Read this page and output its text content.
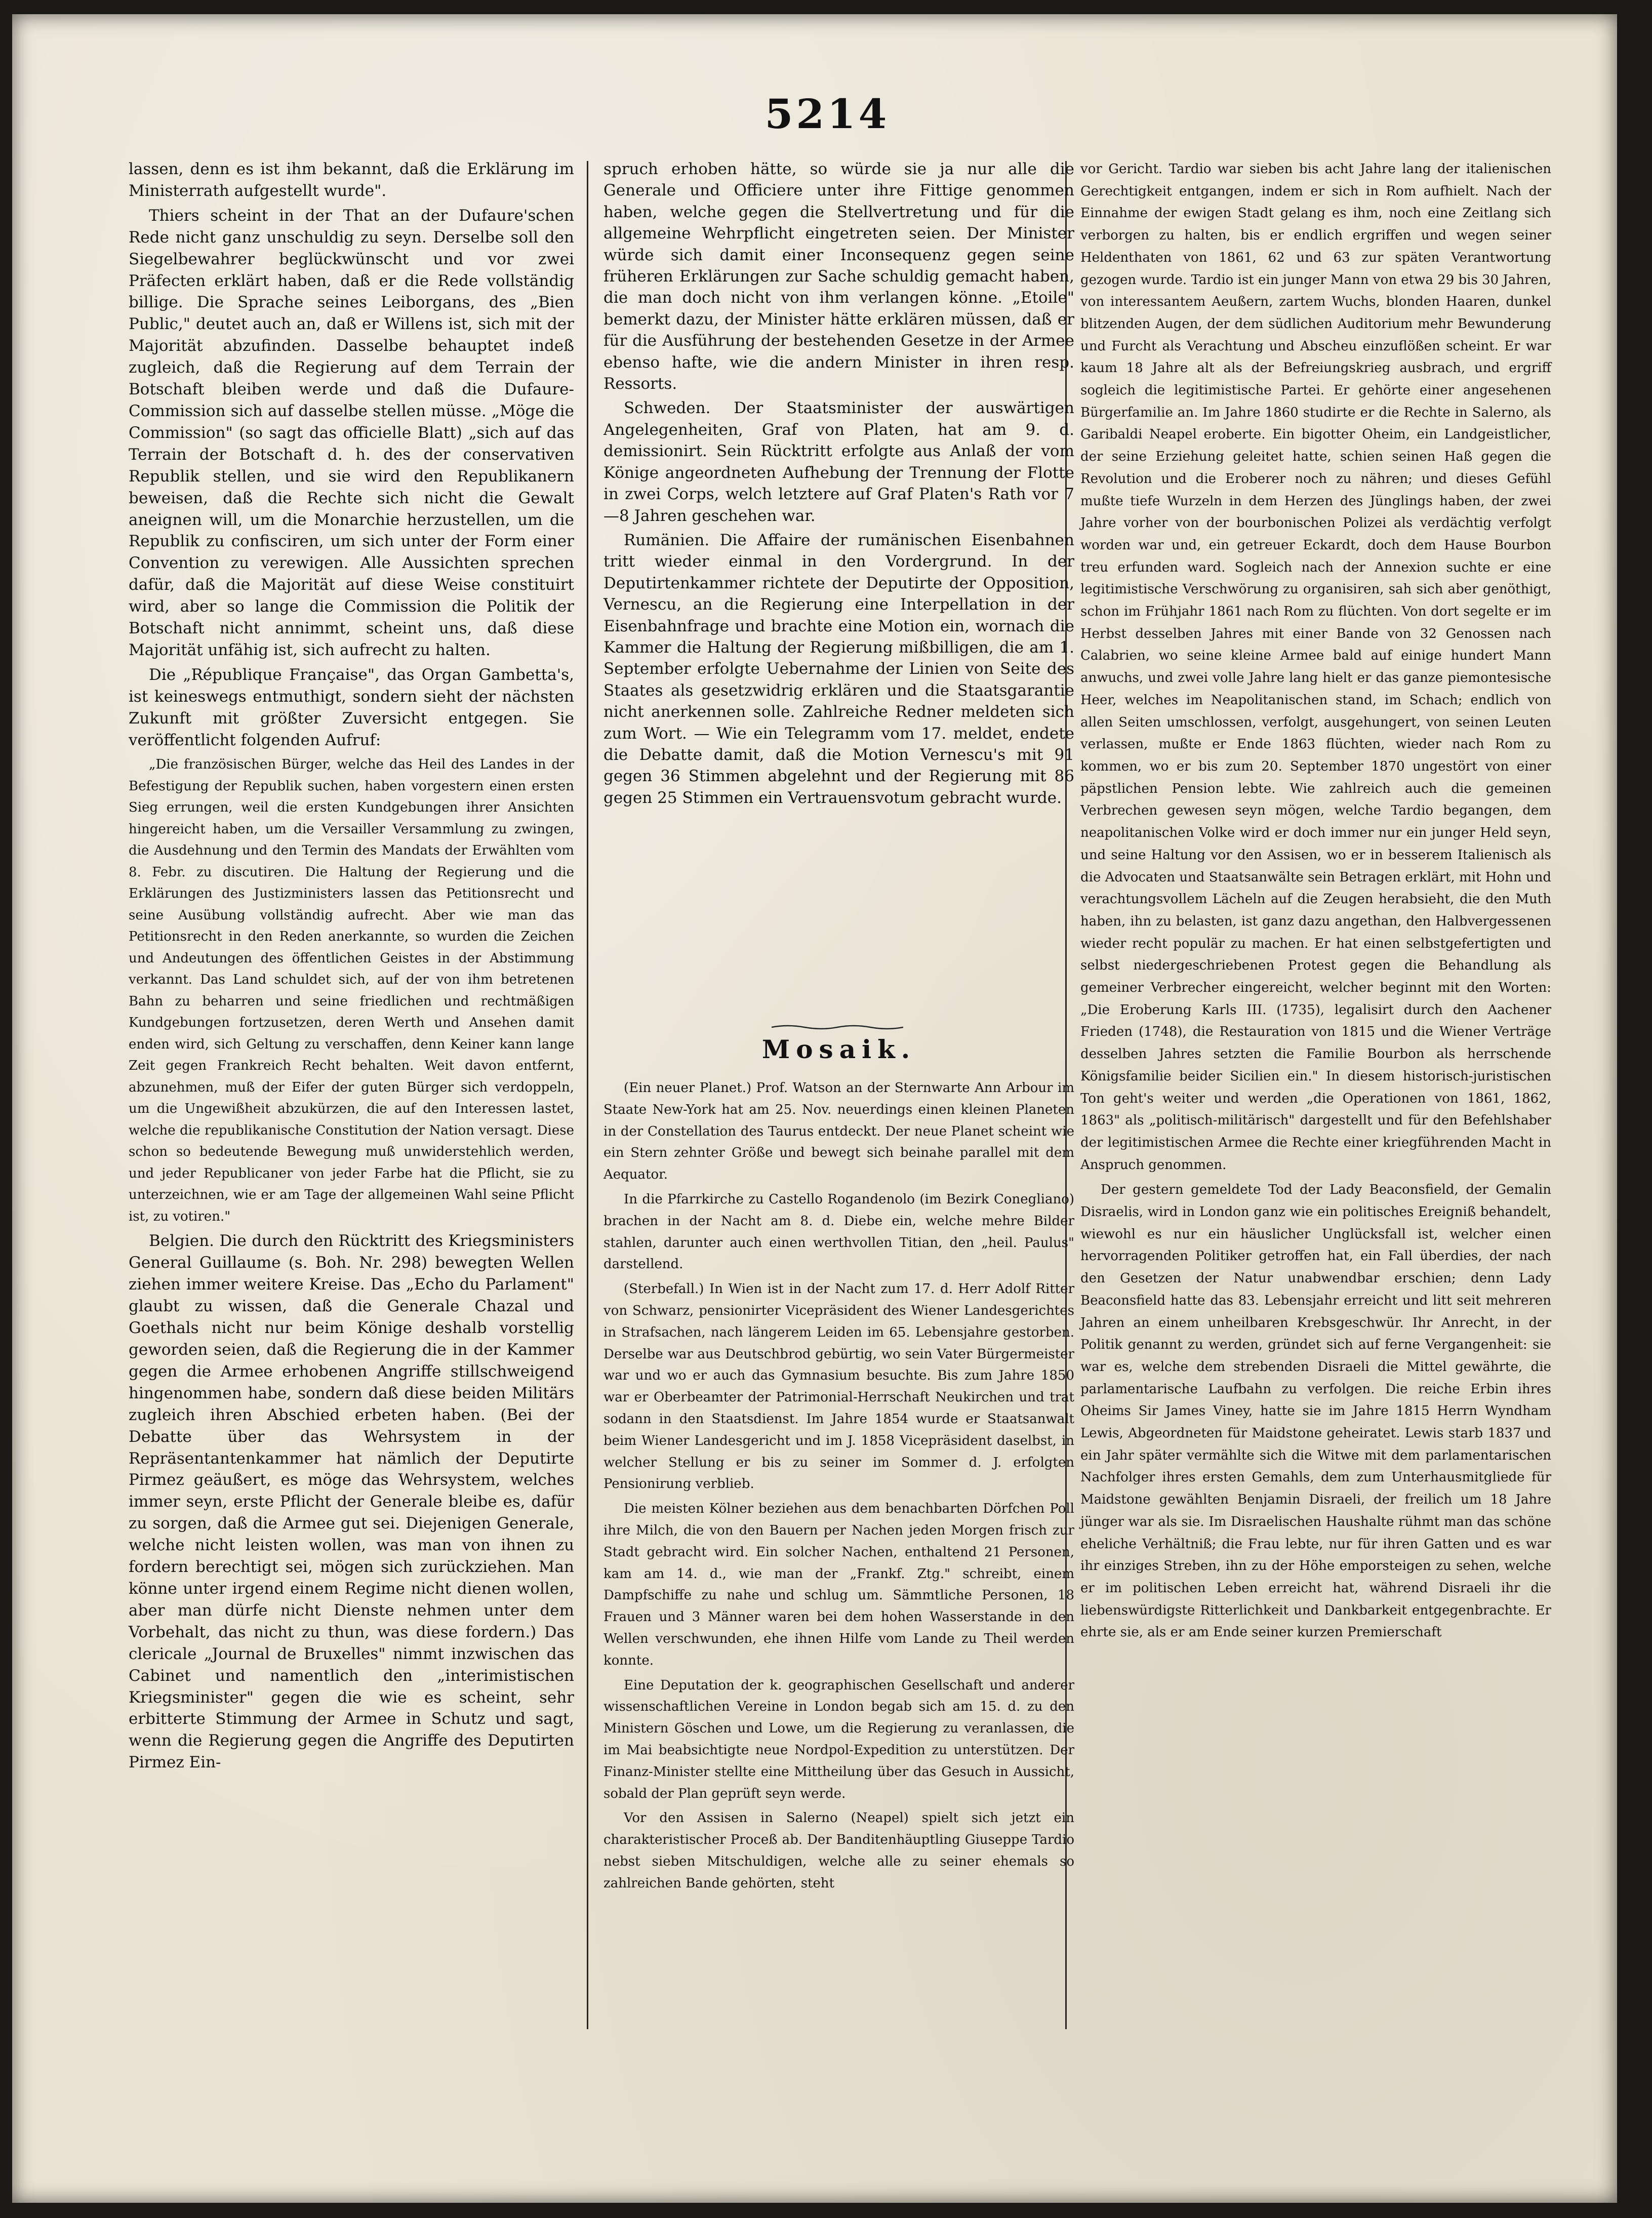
5214

lassen, denn es ist ihm bekannt, daß die Erklärung im Ministerrath aufgestellt wurde".

Thiers scheint in der That an der Dufaure'schen Rede nicht ganz unschuldig zu seyn. Derselbe soll den Siegelbewahrer beglückwünscht und vor zwei Präfecten erklärt haben, daß er die Rede vollständig billige. Die Sprache seines Leiborgans, des „Bien Public," deutet auch an, daß er Willens ist, sich mit der Majorität abzufinden. Dasselbe behauptet indeß zugleich, daß die Regierung auf dem Terrain der Botschaft bleiben werde und daß die Dufaure-Commission sich auf dasselbe stellen müsse. „Möge die Commission" (so sagt das officielle Blatt) „sich auf das Terrain der Botschaft d. h. des der conservativen Republik stellen, und sie wird den Republikanern beweisen, daß die Rechte sich nicht die Gewalt aneignen will, um die Monarchie herzustellen, um die Republik zu confisciren, um sich unter der Form einer Convention zu verewigen. Alle Aussichten sprechen dafür, daß die Majorität auf diese Weise constituirt wird, aber so lange die Commission die Politik der Botschaft nicht annimmt, scheint uns, daß diese Majorität unfähig ist, sich aufrecht zu halten.

Die „République Française", das Organ Gambetta's, ist keineswegs entmuthigt, sondern sieht der nächsten Zukunft mit größter Zuversicht entgegen. Sie veröffentlicht folgenden Aufruf:

„Die französischen Bürger, welche das Heil des Landes in der Befestigung der Republik suchen, haben vorgestern einen ersten Sieg errungen, weil die ersten Kundgebungen ihrer Ansichten hingereicht haben, um die Versailler Versammlung zu zwingen, die Ausdehnung und den Termin des Mandats der Erwählten vom 8. Febr. zu discutiren. Die Haltung der Regierung und die Erklärungen des Justizministers lassen das Petitionsrecht und seine Ausübung vollständig aufrecht. Aber wie man das Petitionsrecht in den Reden anerkannte, so wurden die Zeichen und Andeutungen des öffentlichen Geistes in der Abstimmung verkannt. Das Land schuldet sich, auf der von ihm betretenen Bahn zu beharren und seine friedlichen und rechtmäßigen Kundgebungen fortzusetzen, deren Werth und Ansehen damit enden wird, sich Geltung zu verschaffen, denn Keiner kann lange Zeit gegen Frankreich Recht behalten. Weit davon entfernt, abzunehmen, muß der Eifer der guten Bürger sich verdoppeln, um die Ungewißheit abzukürzen, die auf den Interessen lastet, welche die republikanische Constitution der Nation versagt. Diese schon so bedeutende Bewegung muß unwiderstehlich werden, und jeder Republicaner von jeder Farbe hat die Pflicht, sie zu unterzeichnen, wie er am Tage der allgemeinen Wahl seine Pflicht ist, zu votiren."

Belgien. Die durch den Rücktritt des Kriegsministers General Guillaume (s. Boh. Nr. 298) bewegten Wellen ziehen immer weitere Kreise. Das „Echo du Parlament" glaubt zu wissen, daß die Generale Chazal und Goethals nicht nur beim Könige deshalb vorstellig geworden seien, daß die Regierung die in der Kammer gegen die Armee erhobenen Angriffe stillschweigend hingenommen habe, sondern daß diese beiden Militärs zugleich ihren Abschied erbeten haben. (Bei der Debatte über das Wehrsystem in der Repräsentantenkammer hat nämlich der Deputirte Pirmez geäußert, es möge das Wehrsystem, welches immer seyn, erste Pflicht der Generale bleibe es, dafür zu sorgen, daß die Armee gut sei. Diejenigen Generale, welche nicht leisten wollen, was man von ihnen zu fordern berechtigt sei, mögen sich zurückziehen. Man könne unter irgend einem Regime nicht dienen wollen, aber man dürfe nicht Dienste nehmen unter dem Vorbehalt, das nicht zu thun, was diese fordern.) Das clericale „Journal de Bruxelles" nimmt inzwischen das Cabinet und namentlich den „interimistischen Kriegsminister" gegen die wie es scheint, sehr erbitterte Stimmung der Armee in Schutz und sagt, wenn die Regierung gegen die Angriffe des Deputirten Pirmez Ein-

spruch erhoben hätte, so würde sie ja nur alle die Generale und Officiere unter ihre Fittige genommen haben, welche gegen die Stellvertretung und für die allgemeine Wehrpflicht eingetreten seien. Der Minister würde sich damit einer Inconsequenz gegen seine früheren Erklärungen zur Sache schuldig gemacht haben, die man doch nicht von ihm verlangen könne. „Etoile" bemerkt dazu, der Minister hätte erklären müssen, daß er für die Ausführung der bestehenden Gesetze in der Armee ebenso hafte, wie die andern Minister in ihren resp. Ressorts.

Schweden. Der Staatsminister der auswärtigen Angelegenheiten, Graf von Platen, hat am 9. d. demissionirt. Sein Rücktritt erfolgte aus Anlaß der vom Könige angeordneten Aufhebung der Trennung der Flotte in zwei Corps, welch letztere auf Graf Platen's Rath vor 7—8 Jahren geschehen war.

Rumänien. Die Affaire der rumänischen Eisenbahnen tritt wieder einmal in den Vordergrund. In der Deputirtenkammer richtete der Deputirte der Opposition, Vernescu, an die Regierung eine Interpellation in der Eisenbahnfrage und brachte eine Motion ein, wornach die Kammer die Haltung der Regierung mißbilligen, die am 1. September erfolgte Uebernahme der Linien von Seite des Staates als gesetzwidrig erklären und die Staatsgarantie nicht anerkennen solle. Zahlreiche Redner meldeten sich zum Wort. — Wie ein Telegramm vom 17. meldet, endete die Debatte damit, daß die Motion Vernescu's mit 91 gegen 36 Stimmen abgelehnt und der Regierung mit 86 gegen 25 Stimmen ein Vertrauensvotum gebracht wurde.

Mosaik.

(Ein neuer Planet.) Prof. Watson an der Sternwarte Ann Arbour im Staate New-York hat am 25. Nov. neuerdings einen kleinen Planeten in der Constellation des Taurus entdeckt. Der neue Planet scheint wie ein Stern zehnter Größe und bewegt sich beinahe parallel mit dem Aequator.

In die Pfarrkirche zu Castello Rogandenolo (im Bezirk Conegliano) brachen in der Nacht am 8. d. Diebe ein, welche mehre Bilder stahlen, darunter auch einen werthvollen Titian, den „heil. Paulus" darstellend.

(Sterbefall.) In Wien ist in der Nacht zum 17. d. Herr Adolf Ritter von Schwarz, pensionirter Vicepräsident des Wiener Landesgerichtes in Strafsachen, nach längerem Leiden im 65. Lebensjahre gestorben. Derselbe war aus Deutschbrod gebürtig, wo sein Vater Bürgermeister war und wo er auch das Gymnasium besuchte. Bis zum Jahre 1850 war er Oberbeamter der Patrimonial-Herrschaft Neukirchen und trat sodann in den Staatsdienst. Im Jahre 1854 wurde er Staatsanwalt beim Wiener Landesgericht und im J. 1858 Vicepräsident daselbst, in welcher Stellung er bis zu seiner im Sommer d. J. erfolgten Pensionirung verblieb.

Die meisten Kölner beziehen aus dem benachbarten Dörfchen Poll ihre Milch, die von den Bauern per Nachen jeden Morgen frisch zur Stadt gebracht wird. Ein solcher Nachen, enthaltend 21 Personen, kam am 14. d., wie man der „Frankf. Ztg." schreibt, einem Dampfschiffe zu nahe und schlug um. Sämmtliche Personen, 18 Frauen und 3 Männer waren bei dem hohen Wasserstande in den Wellen verschwunden, ehe ihnen Hilfe vom Lande zu Theil werden konnte.

Eine Deputation der k. geographischen Gesellschaft und anderer wissenschaftlichen Vereine in London begab sich am 15. d. zu den Ministern Göschen und Lowe, um die Regierung zu veranlassen, die im Mai beabsichtigte neue Nordpol-Expedition zu unterstützen. Der Finanz-Minister stellte eine Mittheilung über das Gesuch in Aussicht, sobald der Plan geprüft seyn werde.

Vor den Assisen in Salerno (Neapel) spielt sich jetzt ein charakteristischer Proceß ab. Der Banditenhäuptling Giuseppe Tardio nebst sieben Mitschuldigen, welche alle zu seiner ehemals so zahlreichen Bande gehörten, steht

vor Gericht. Tardio war sieben bis acht Jahre lang der italienischen Gerechtigkeit entgangen, indem er sich in Rom aufhielt. Nach der Einnahme der ewigen Stadt gelang es ihm, noch eine Zeitlang sich verborgen zu halten, bis er endlich ergriffen und wegen seiner Heldenthaten von 1861, 62 und 63 zur späten Verantwortung gezogen wurde. Tardio ist ein junger Mann von etwa 29 bis 30 Jahren, von interessantem Aeußern, zartem Wuchs, blonden Haaren, dunkel blitzenden Augen, der dem südlichen Auditorium mehr Bewunderung und Furcht als Verachtung und Abscheu einzuflößen scheint. Er war kaum 18 Jahre alt als der Befreiungskrieg ausbrach, und ergriff sogleich die legitimistische Partei. Er gehörte einer angesehenen Bürgerfamilie an. Im Jahre 1860 studirte er die Rechte in Salerno, als Garibaldi Neapel eroberte. Ein bigotter Oheim, ein Landgeistlicher, der seine Erziehung geleitet hatte, schien seinen Haß gegen die Revolution und die Eroberer noch zu nähren; und dieses Gefühl mußte tiefe Wurzeln in dem Herzen des Jünglings haben, der zwei Jahre vorher von der bourbonischen Polizei als verdächtig verfolgt worden war und, ein getreuer Eckardt, doch dem Hause Bourbon treu erfunden ward. Sogleich nach der Annexion suchte er eine legitimistische Verschwörung zu organisiren, sah sich aber genöthigt, schon im Frühjahr 1861 nach Rom zu flüchten. Von dort segelte er im Herbst desselben Jahres mit einer Bande von 32 Genossen nach Calabrien, wo seine kleine Armee bald auf einige hundert Mann anwuchs, und zwei volle Jahre lang hielt er das ganze piemontesische Heer, welches im Neapolitanischen stand, im Schach; endlich von allen Seiten umschlossen, verfolgt, ausgehungert, von seinen Leuten verlassen, mußte er Ende 1863 flüchten, wieder nach Rom zu kommen, wo er bis zum 20. September 1870 ungestört von einer päpstlichen Pension lebte. Wie zahlreich auch die gemeinen Verbrechen gewesen seyn mögen, welche Tardio begangen, dem neapolitanischen Volke wird er doch immer nur ein junger Held seyn, und seine Haltung vor den Assisen, wo er in besserem Italienisch als die Advocaten und Staatsanwälte sein Betragen erklärt, mit Hohn und verachtungsvollem Lächeln auf die Zeugen herabsieht, die den Muth haben, ihn zu belasten, ist ganz dazu angethan, den Halbvergessenen wieder recht populär zu machen. Er hat einen selbstgefertigten und selbst niedergeschriebenen Protest gegen die Behandlung als gemeiner Verbrecher eingereicht, welcher beginnt mit den Worten: „Die Eroberung Karls III. (1735), legalisirt durch den Aachener Frieden (1748), die Restauration von 1815 und die Wiener Verträge desselben Jahres setzten die Familie Bourbon als herrschende Königsfamilie beider Sicilien ein." In diesem historisch-juristischen Ton geht's weiter und werden „die Operationen von 1861, 1862, 1863" als „politisch-militärisch" dargestellt und für den Befehlshaber der legitimistischen Armee die Rechte einer kriegführenden Macht in Anspruch genommen.

Der gestern gemeldete Tod der Lady Beaconsfield, der Gemalin Disraelis, wird in London ganz wie ein politisches Ereigniß behandelt, wiewohl es nur ein häuslicher Unglücksfall ist, welcher einen hervorragenden Politiker getroffen hat, ein Fall überdies, der nach den Gesetzen der Natur unabwendbar erschien; denn Lady Beaconsfield hatte das 83. Lebensjahr erreicht und litt seit mehreren Jahren an einem unheilbaren Krebsgeschwür. Ihr Anrecht, in der Politik genannt zu werden, gründet sich auf ferne Vergangenheit: sie war es, welche dem strebenden Disraeli die Mittel gewährte, die parlamentarische Laufbahn zu verfolgen. Die reiche Erbin ihres Oheims Sir James Viney, hatte sie im Jahre 1815 Herrn Wyndham Lewis, Abgeordneten für Maidstone geheiratet. Lewis starb 1837 und ein Jahr später vermählte sich die Witwe mit dem parlamentarischen Nachfolger ihres ersten Gemahls, dem zum Unterhausmitgliede für Maidstone gewählten Benjamin Disraeli, der freilich um 18 Jahre jünger war als sie. Im Disraelischen Haushalte rühmt man das schöne eheliche Verhältniß; die Frau lebte, nur für ihren Gatten und es war ihr einziges Streben, ihn zu der Höhe emporsteigen zu sehen, welche er im politischen Leben erreicht hat, während Disraeli ihr die liebenswürdigste Ritterlichkeit und Dankbarkeit entgegenbrachte. Er ehrte sie, als er am Ende seiner kurzen Premierschaft
